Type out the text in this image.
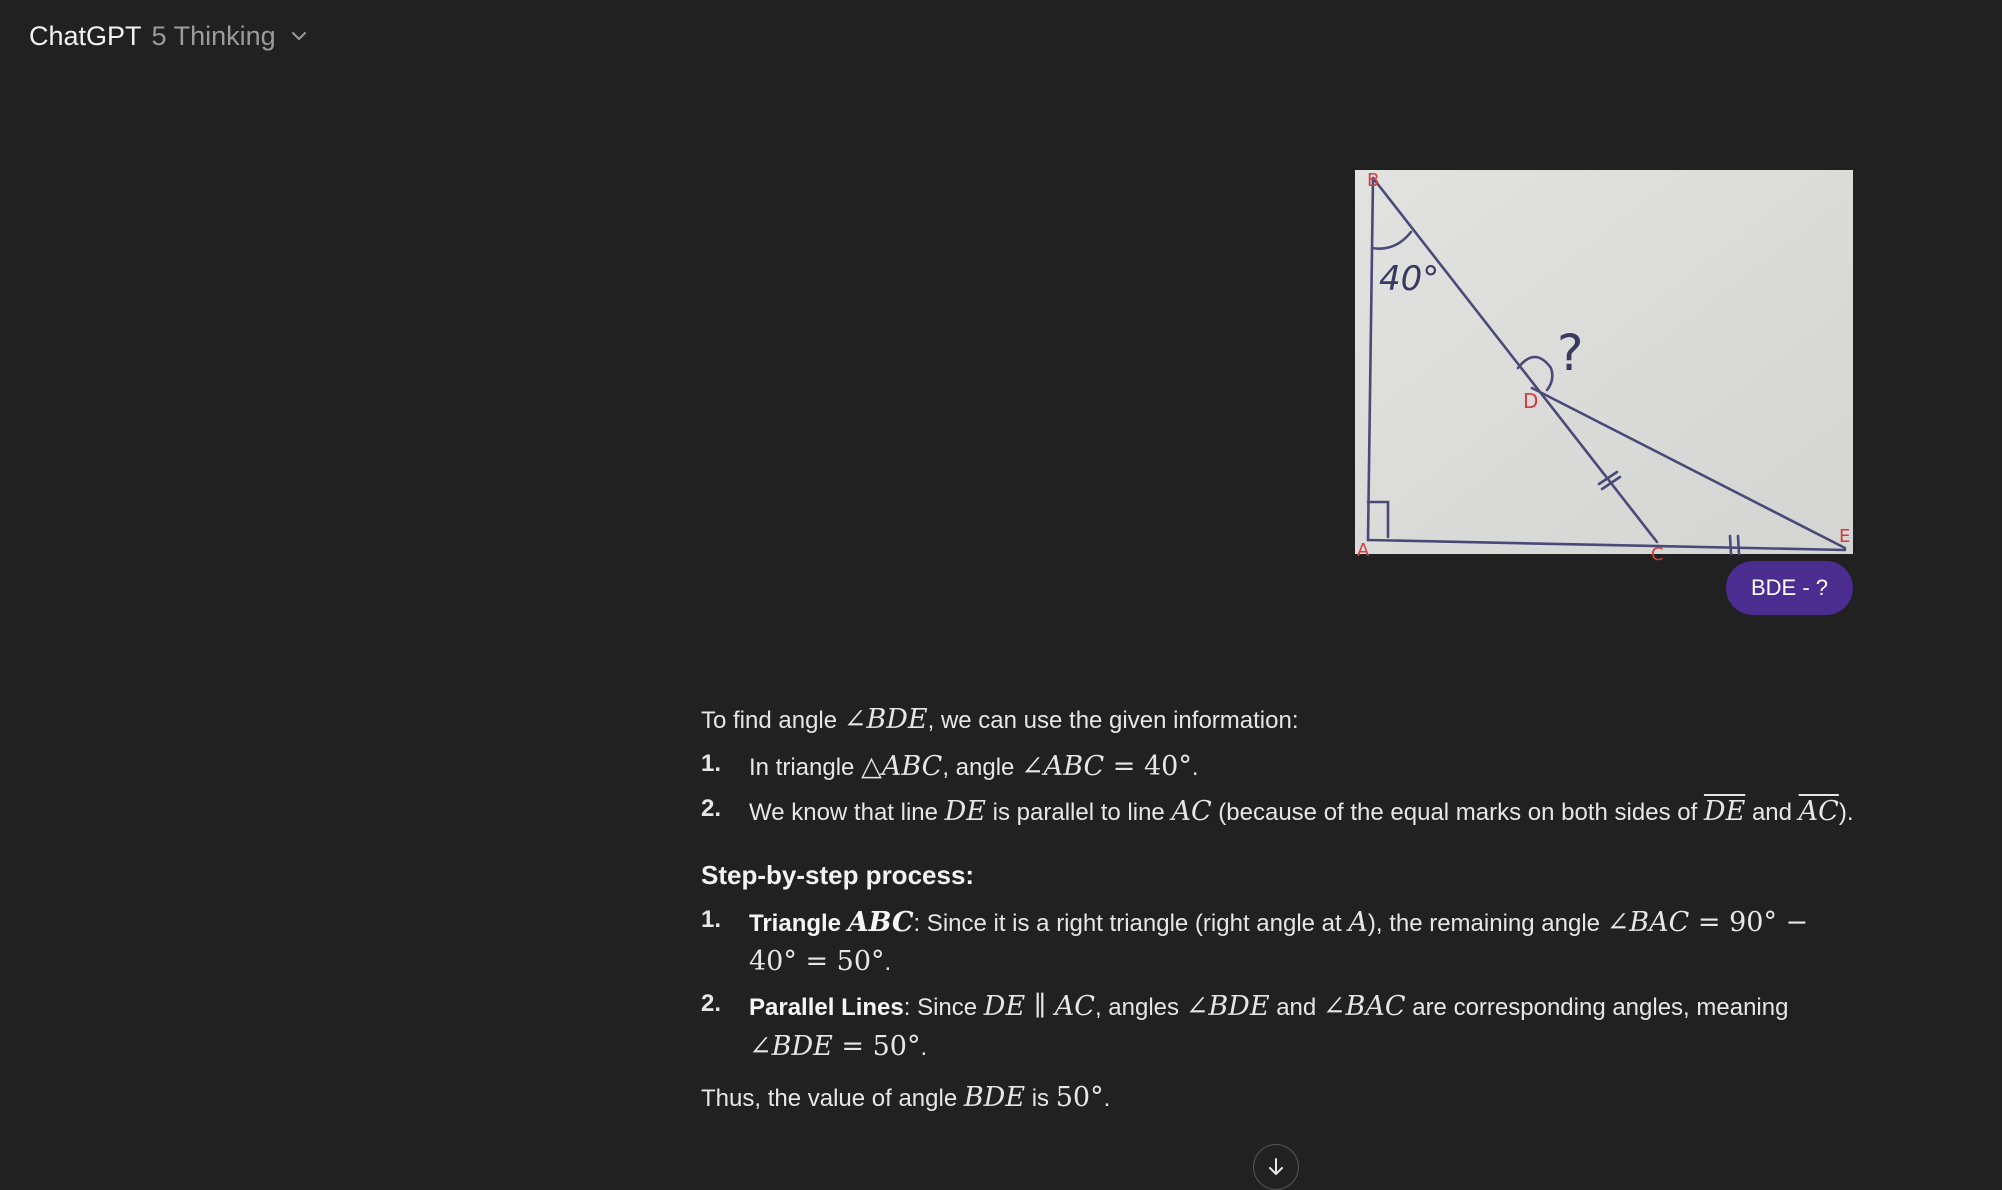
ChatGPT 5 Thinking
40°
?
B
D
A	C
E
BDE - ?

To find angle ∠BDE, we can use the given information:

1.	In triangle △ABC, angle ∠ABC = 40°.
2.	We know that line DE is parallel to line AC (because of the equal marks on both sides of $\overline{DE}$ and $\overline{AC}$).
Step-by-step process:
1.	Triangle ABC: Since it is a right triangle (right angle at A), the remaining angle ∠BAC = 90° − 40° = 50°.
2.	Parallel Lines: Since DE ∥ AC, angles ∠BDE and ∠BAC are corresponding angles, meaning ∠BDE = 50°.

Thus, the value of angle BDE is 50°.
